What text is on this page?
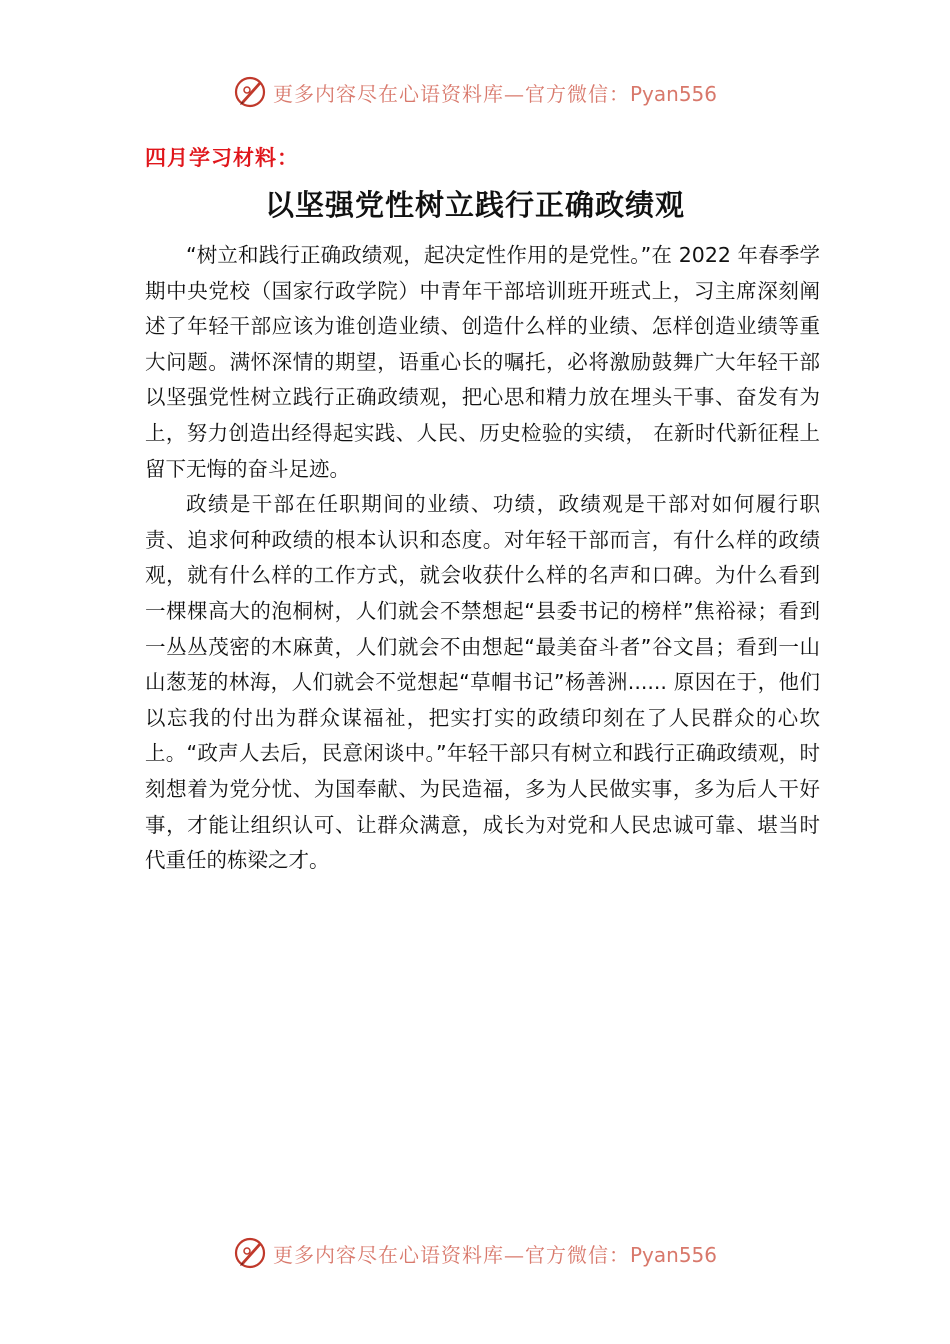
更多内容尽在心语资料库—官方微信：Pyan556
四月学习材料：
以坚强党性树立践行正确政绩观

“树立和践行正确政绩观，起决定性作用的是党性。”在 2022 年春季学期中央党校（国家行政学院）中青年干部培训班开班式上，习主席深刻阐述了年轻干部应该为谁创造业绩、创造什么样的业绩、怎样创造业绩等重大问题。满怀深情的期望，语重心长的嘱托，必将激励鼓舞广大年轻干部以坚强党性树立践行正确政绩观，把心思和精力放在埋头干事、奋发有为上，努力创造出经得起实践、人民、历史检验的实绩， 在新时代新征程上留下无悔的奋斗足迹。

政绩是干部在任职期间的业绩、功绩，政绩观是干部对如何履行职责、追求何种政绩的根本认识和态度。对年轻干部而言，有什么样的政绩观，就有什么样的工作方式，就会收获什么样的名声和口碑。为什么看到一棵棵高大的泡桐树，人们就会不禁想起“县委书记的榜样”焦裕禄；看到一丛丛茂密的木麻黄，人们就会不由想起“最美奋斗者”谷文昌；看到一山山葱茏的林海，人们就会不觉想起“草帽书记”杨善洲...... 原因在于，他们以忘我的付出为群众谋福祉，把实打实的政绩印刻在了人民群众的心坎上。“政声人去后，民意闲谈中。”年轻干部只有树立和践行正确政绩观，时刻想着为党分忧、为国奉献、为民造福，多为人民做实事，多为后人干好事，才能让组织认可、让群众满意，成长为对党和人民忠诚可靠、堪当时代重任的栋梁之才。

更多内容尽在心语资料库—官方微信：Pyan556
